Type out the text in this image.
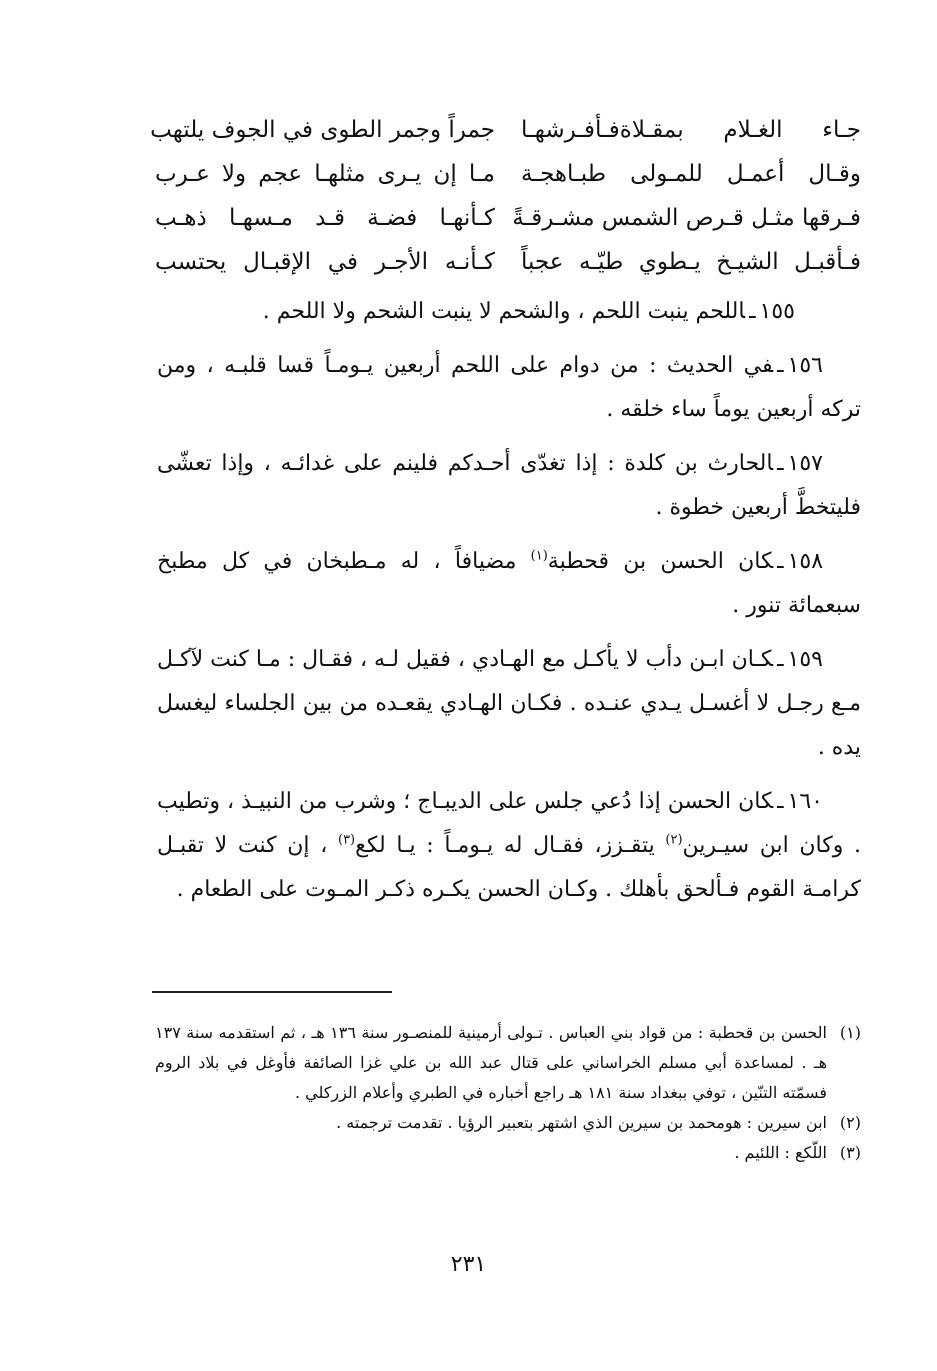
جـاء الغـلام بمقـلاةفـأفـرشهـا
جمراً وجمر الطوى في الجوف يلتهب
وقـال أعمـل للمـولى طبـاهجـة
مـا إن يـرى مثلهـا عجم ولا عـرب
فـرقها مثـل قـرص الشمس مشـرقـةً
كـأنهـا فضـة قـد مـسهـا ذهـب
فـأقبـل الشيـخ يـطوي طيّـه عجباً
كـأنـه الأجـر في الإقبـال يحتسب

١٥٥ـاللحم ينبت اللحم ، والشحم لا ينبت الشحم ولا اللحم .

١٥٦ـفي الحديث : من دوام على اللحم أربعين يـومـاً قسا قلبـه ، ومن تركه أربعين يوماً ساء خلقه .

١٥٧ـالحارث بن كلدة : إذا تغدّى أحـدكم فلينم على غدائـه ، وإذا تعشّى فليتخطَّ أربعين خطوة .

١٥٨ـكان الحسن بن قحطبة$^{(١)}$ مضيافاً ، له مـطبخان في كل مطبخ سبعمائة تنور .

١٥٩ـكـان ابـن دأب لا يأكـل مع الهـادي ، فقيل لـه ، فقـال : مـا كنت لآكـل مـع رجـل لا أغسـل يـدي عنـده . فكـان الهـادي يقعـده من بين الجلساء ليغسل يده .

١٦٠ـكان الحسن إذا دُعي جلس على الديبـاج ؛ وشرب من النبيـذ ، وتطيب . وكان ابن سيـرين$^{(٢)}$ يتقـزز، فقـال له يـومـاً : يـا لكع$^{(٣)}$ ، إن كنت لا تقبـل كرامـة القوم فـألحق بأهلك . وكـان الحسن يكـره ذكـر المـوت على الطعام .

(١)
الحسن بن قحطبة : من قواد بني العباس . تـولى أرمينية للمنصـور سنة ١٣٦ هـ ، ثم استقدمه سنة ١٣٧ هـ . لمساعدة أبي مسلم الخراساني على قتال عبد الله بن علي غزا الصائفة فأوغل في بلاد الروم فسمّته التنّين ، توفي ببغداد سنة ١٨١ هـ راجع أخباره في الطبري وأعلام الزركلي .
(٢)
ابن سيرين : هومحمد بن سيرين الذي اشتهر بتعبير الرؤيا . تقدمت ترجمته .
(٣)
اللّكع : اللئيم .
٢٣١
